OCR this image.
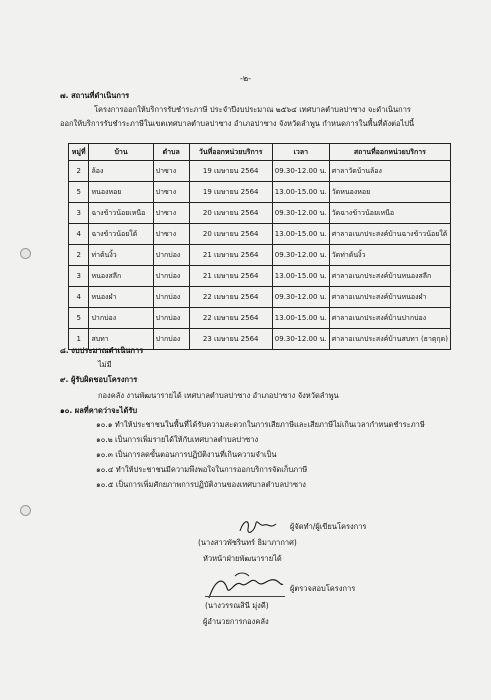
-๒-
๗. สถานที่ดำเนินการ
โครงการออกให้บริการรับชำระภาษี ประจำปีงบประมาณ ๒๕๖๔ เทศบาลตำบลปาซาง จะดำเนินการ
ออกให้บริการรับชำระภาษีในเขตเทศบาลตำบลปาซาง อำเภอปาซาง จังหวัดลำพูน กำหนดการในพื้นที่ดังต่อไปนี้
หมู่ที่	บ้าน	ตำบล	วันที่ออกหน่วยบริการ	เวลา	สถานที่ออกหน่วยบริการ
2	ล้อง	ปาซาง	19 เมษายน 2564	09.30-12.00 น.	ศาลาวัดบ้านล้อง
5	หนองหอย	ปาซาง	19 เมษายน 2564	13.00-15.00 น.	วัดหนองหอย
3	ฉางข้าวน้อยเหนือ	ปาซาง	20 เมษายน 2564	09.30-12.00 น.	วัดฉางข้าวน้อยเหนือ
4	ฉางข้าวน้อยใต้	ปาซาง	20 เมษายน 2564	13.00-15.00 น.	ศาลาอเนกประสงค์บ้านฉางข้าวน้อยใต้
2	ท่าต้นงิ้ว	ปากบ่อง	21 เมษายน 2564	09.30-12.00 น.	วัดท่าต้นงิ้ว
3	หนองสลีก	ปากบ่อง	21 เมษายน 2564	13.00-15.00 น.	ศาลาอเนกประสงค์บ้านหนองสลีก
4	หนองผำ	ปากบ่อง	22 เมษายน 2564	09.30-12.00 น.	ศาลาอเนกประสงค์บ้านหนองผำ
5	ปากบ่อง	ปากบ่อง	22 เมษายน 2564	13.00-15.00 น.	ศาลาอเนกประสงค์บ้านปากบ่อง
1	สบทา	ปากบ่อง	23 เมษายน 2564	09.30-12.00 น.	ศาลาอเนกประสงค์บ้านสบทา (ธาตุกุด)
๘. งบประมาณดำเนินการ
ไม่มี
๙. ผู้รับผิดชอบโครงการ
กองคลัง งานพัฒนารายได้ เทศบาลตำบลปาซาง อำเภอปาซาง จังหวัดลำพูน
๑๐. ผลที่คาดว่าจะได้รับ
๑๐.๑ ทำให้ประชาชนในพื้นที่ได้รับความสะดวกในการเสียภาษีและเสียภาษีไม่เกินเวลากำหนดชำระภาษี
๑๐.๒ เป็นการเพิ่มรายได้ให้กับเทศบาลตำบลปาซาง
๑๐.๓ เป็นการลดขั้นตอนการปฏิบัติงานที่เกินความจำเป็น
๑๐.๔ ทำให้ประชาชนมีความพึงพอใจในการออกบริการจัดเก็บภาษี
๑๐.๕ เป็นการเพิ่มศักยภาพการปฏิบัติงานของเทศบาลตำบลปาซาง
ผู้จัดทำ/ผู้เขียนโครงการ
(นางสาวพัชรินทร์ ธิมาภากาศ)
หัวหน้าฝ่ายพัฒนารายได้
ผู้ตรวจสอบโครงการ
(นางวรรณสินี มุ่งดี)
ผู้อำนวยการกองคลัง
